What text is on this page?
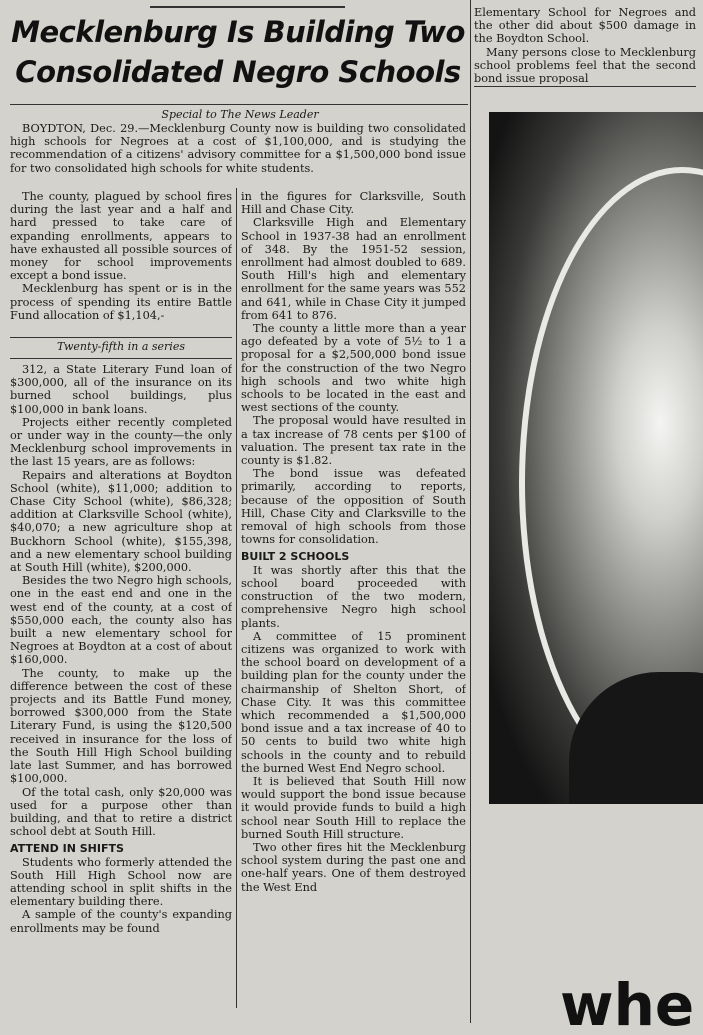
Mecklenburg Is Building Two Consolidated Negro Schools
Special to The News Leader

BOYDTON, Dec. 29.—Mecklenburg County now is building two consolidated high schools for Negroes at a cost of $1,100,000, and is studying the recommendation of a citizens' advisory committee for a $1,500,000 bond issue for two consolidated high schools for white students.

The county, plagued by school fires during the last year and a half and hard pressed to take care of expanding enrollments, appears to have exhausted all possible sources of money for school improvements except a bond issue.

Mecklenburg has spent or is in the process of spending its entire Battle Fund allocation of $1,104,-

Twenty-fifth in a series

312, a State Literary Fund loan of $300,000, all of the insurance on its burned school buildings, plus $100,000 in bank loans.

Projects either recently completed or under way in the county—the only Mecklenburg school improvements in the last 15 years, are as follows:

Repairs and alterations at Boydton School (white), $11,000; addition to Chase City School (white), $86,328; addition at Clarksville School (white), $40,070; a new agriculture shop at Buckhorn School (white), $155,398, and a new elementary school building at South Hill (white), $200,000.

Besides the two Negro high schools, one in the east end and one in the west end of the county, at a cost of $550,000 each, the county also has built a new elementary school for Negroes at Boydton at a cost of about $160,000.

The county, to make up the difference between the cost of these projects and its Battle Fund money, borrowed $300,000 from the State Literary Fund, is using the $120,500 received in insurance for the loss of the South Hill High School building late last Summer, and has borrowed $100,000.

Of the total cash, only $20,000 was used for a purpose other than building, and that to retire a district school debt at South Hill.

ATTEND IN SHIFTS

Students who formerly attended the South Hill High School now are attending school in split shifts in the elementary building there.

A sample of the county's expanding enrollments may be found

in the figures for Clarksville, South Hill and Chase City.

Clarksville High and Elementary School in 1937-38 had an enrollment of 348. By the 1951-52 session, enrollment had almost doubled to 689. South Hill's high and elementary enrollment for the same years was 552 and 641, while in Chase City it jumped from 641 to 876.

The county a little more than a year ago defeated by a vote of 5½ to 1 a proposal for a $2,500,000 bond issue for the construction of the two Negro high schools and two white high schools to be located in the east and west sections of the county.

The proposal would have resulted in a tax increase of 78 cents per $100 of valuation. The present tax rate in the county is $1.82.

The bond issue was defeated primarily, according to reports, because of the opposition of South Hill, Chase City and Clarksville to the removal of high schools from those towns for consolidation.

BUILT 2 SCHOOLS

It was shortly after this that the school board proceeded with construction of the two modern, comprehensive Negro high school plants.

A committee of 15 prominent citizens was organized to work with the school board on development of a building plan for the county under the chairmanship of Shelton Short, of Chase City. It was this committee which recommended a $1,500,000 bond issue and a tax increase of 40 to 50 cents to build two white high schools in the county and to rebuild the burned West End Negro school.

It is believed that South Hill now would support the bond issue because it would provide funds to build a high school near South Hill to replace the burned South Hill structure.

Two other fires hit the Mecklenburg school system during the past one and one-half years. One of them destroyed the West End

Elementary School for Negroes and the other did about $500 damage in the Boydton School.

Many persons close to Mecklenburg school problems feel that the second bond issue proposal

whe
